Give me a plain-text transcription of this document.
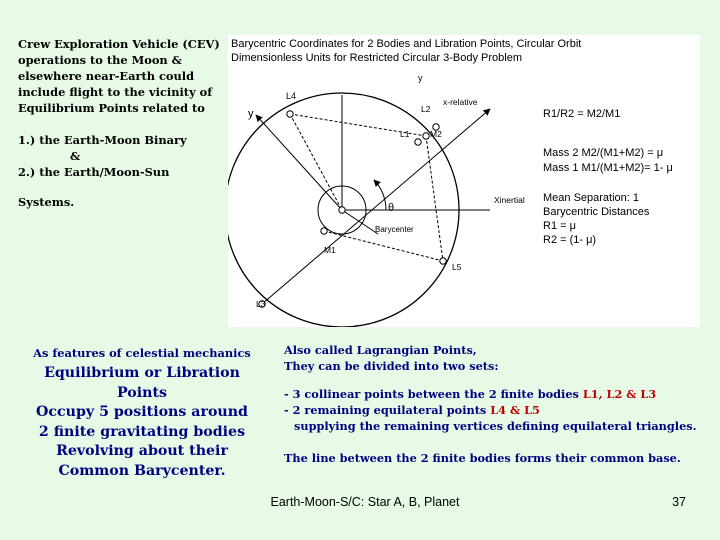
Crew Exploration Vehicle (CEV) operations to the Moon & elsewhere near-Earth could include flight to the vicinity of Equilibrium Points related to

1.) the Earth-Moon Binary

&

2.) the Earth/Moon-Sun

Systems.

Barycentric Coordinates for 2 Bodies and Libration Points, Circular Orbit
Dimensionless Units for Restricted Circular 3-Body Problem
y
L4
y
x-relative
L2
L1 M2
θ
Xinertial
Barycenter
M1
L5
L3
R1/R2 = M2/M1
Mass 2 M2/(M1+M2) = μ
Mass 1 M1/(M1+M2)= 1- μ
Mean Separation: 1
Barycentric Distances
R1 = μ
R2 = (1- μ)
As features of celestial mechanics
Equilibrium or Libration Points
Occupy 5 positions around
2 finite gravitating bodies
Revolving about their
Common Barycenter.

Also called Lagrangian Points,

They can be divided into two sets:

- 3 collinear points between the 2 finite bodies L1, L2 & L3

- 2 remaining equilateral points L4 & L5

supplying the remaining vertices defining equilateral triangles.

The line between the 2 finite bodies forms their common base.

Earth-Moon-S/C: Star A, B, Planet	37
